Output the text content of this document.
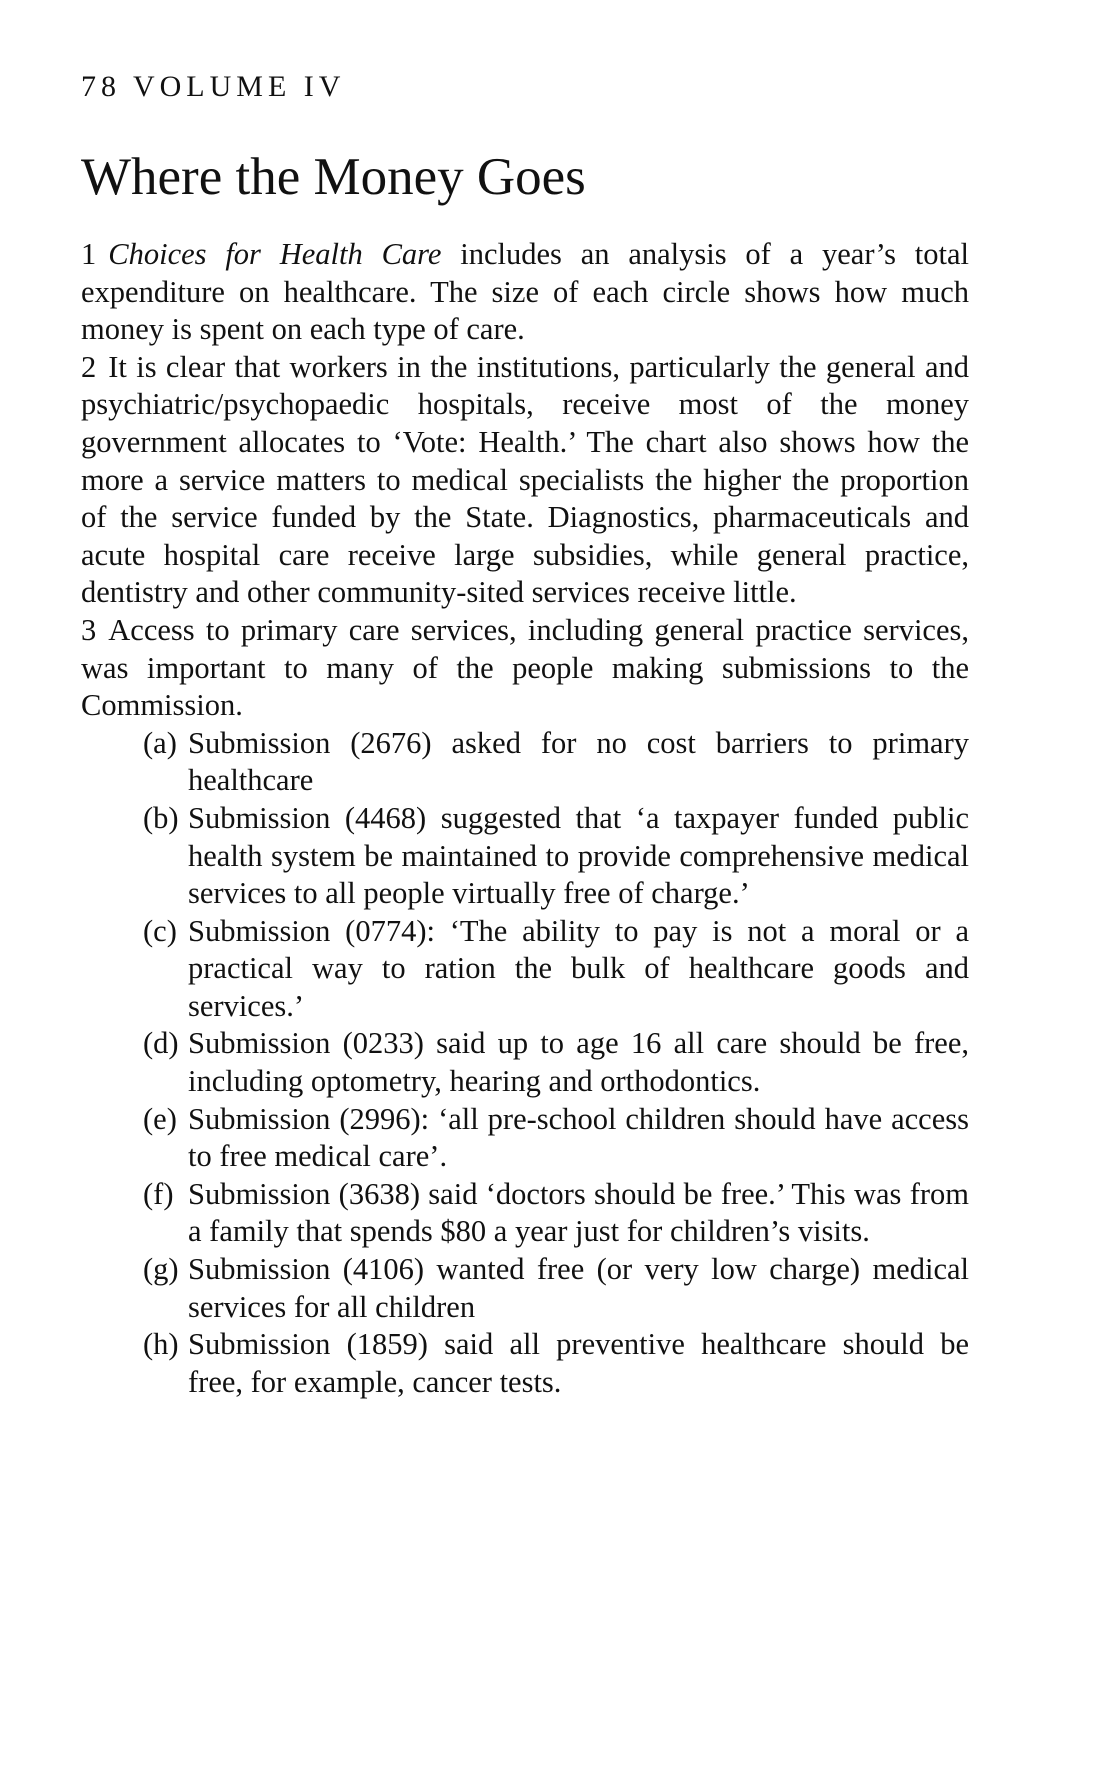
78 VOLUME IV

Where the Money Goes

1 Choices for Health Care includes an analysis of a year’s total expenditure on healthcare. The size of each circle shows how much money is spent on each type of care.

2 It is clear that workers in the institutions, particularly the general and psychiatric/psychopaedic hospitals, receive most of the money government allocates to ‘Vote: Health.’ The chart also shows how the more a service matters to medical specialists the higher the proportion of the service funded by the State. Diagnostics, pharmaceuticals and acute hospital care receive large subsidies, while general practice, dentistry and other community-sited services receive little.

3 Access to primary care services, including general practice services, was important to many of the people making submissions to the Commission.

(a) Submission (2676) asked for no cost barriers to primary healthcare
(b) Submission (4468) suggested that ‘a taxpayer funded public health system be maintained to provide comprehensive medical services to all people virtually free of charge.’
(c) Submission (0774): ‘The ability to pay is not a moral or a practical way to ration the bulk of healthcare goods and services.’
(d) Submission (0233) said up to age 16 all care should be free, including optometry, hearing and orthodontics.
(e) Submission (2996): ‘all pre-school children should have access to free medical care’.
(f) Submission (3638) said ‘doctors should be free.’ This was from a family that spends $80 a year just for children’s visits.
(g) Submission (4106) wanted free (or very low charge) medical services for all children
(h) Submission (1859) said all preventive healthcare should be free, for example, cancer tests.
